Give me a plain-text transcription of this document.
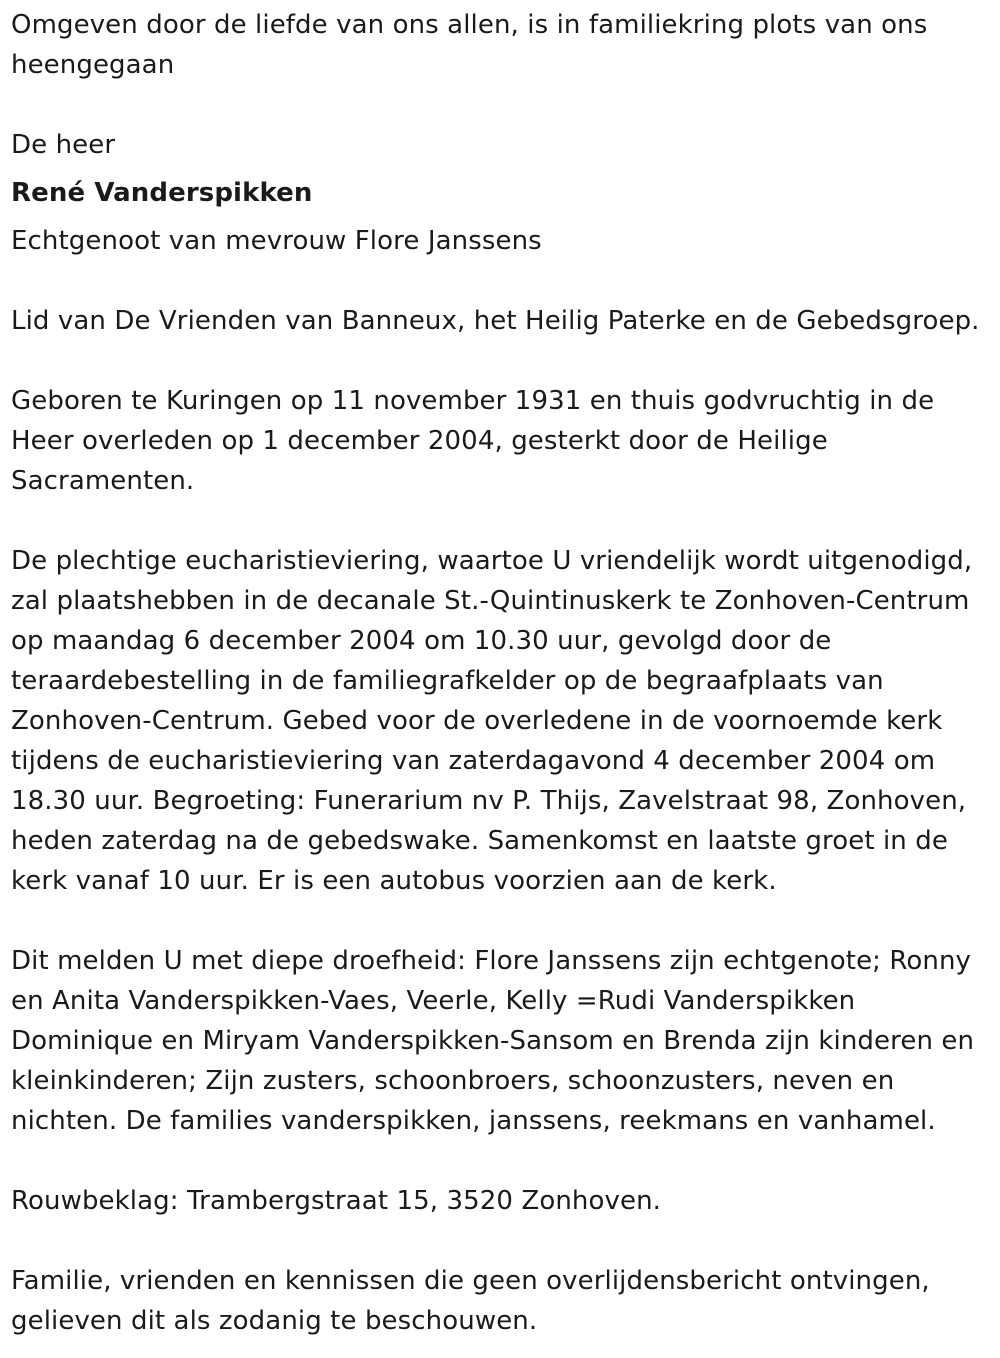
Omgeven door de liefde van ons allen, is in familiekring plots van ons heengegaan

De heer

René Vanderspikken

Echtgenoot van mevrouw Flore Janssens

Lid van De Vrienden van Banneux, het Heilig Paterke en de Gebedsgroep.

Geboren te Kuringen op 11 november 1931 en thuis godvruchtig in de Heer overleden op 1 december 2004, gesterkt door de Heilige Sacramenten.

De plechtige eucharistieviering, waartoe U vriendelijk wordt uitgenodigd, zal plaatshebben in de decanale St.-Quintinuskerk te Zonhoven-Centrum op maandag 6 december 2004 om 10.30 uur, gevolgd door de teraardebestelling in de familiegrafkelder op de begraafplaats van Zonhoven-Centrum. Gebed voor de overledene in de voornoemde kerk tijdens de eucharistieviering van zaterdagavond 4 december 2004 om 18.30 uur. Begroeting: Funerarium nv P. Thijs, Zavelstraat 98, Zonhoven, heden zaterdag na de gebedswake. Samenkomst en laatste groet in de kerk vanaf 10 uur. Er is een autobus voorzien aan de kerk.

Dit melden U met diepe droefheid: Flore Janssens zijn echtgenote; Ronny en Anita Vanderspikken-Vaes, Veerle, Kelly =Rudi Vanderspikken Dominique en Miryam Vanderspikken-Sansom en Brenda zijn kinderen en kleinkinderen; Zijn zusters, schoonbroers, schoonzusters, neven en nichten. De families vanderspikken, janssens, reekmans en vanhamel.

Rouwbeklag: Trambergstraat 15, 3520 Zonhoven.

Familie, vrienden en kennissen die geen overlijdensbericht ontvingen, gelieven dit als zodanig te beschouwen.
